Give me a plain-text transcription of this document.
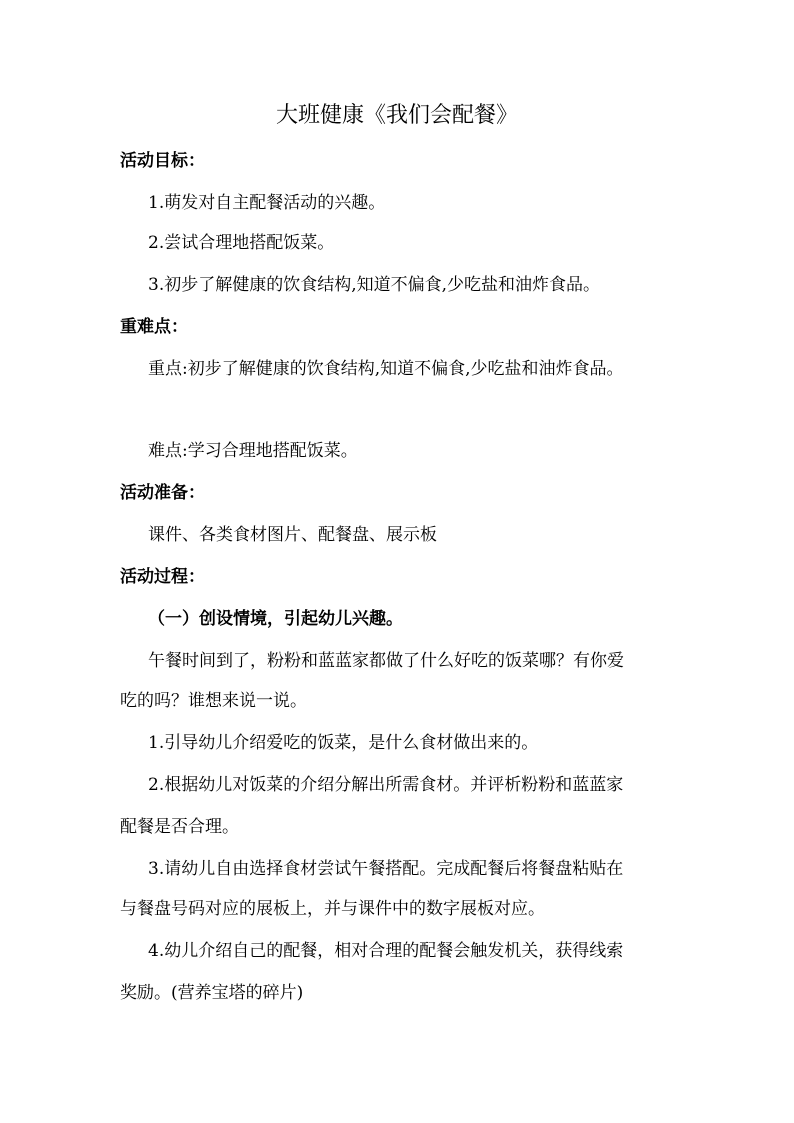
大班健康《我们会配餐》
活动目标：
1.萌发对自主配餐活动的兴趣。
2.尝试合理地搭配饭菜。
3.初步了解健康的饮食结构,知道不偏食,少吃盐和油炸食品。
重难点：
重点:初步了解健康的饮食结构,知道不偏食,少吃盐和油炸食品。
难点:学习合理地搭配饭菜。
活动准备：
课件、各类食材图片、配餐盘、展示板
活动过程：
（一）创设情境，引起幼儿兴趣。
午餐时间到了，粉粉和蓝蓝家都做了什么好吃的饭菜哪？有你爱
吃的吗？谁想来说一说。
1.引导幼儿介绍爱吃的饭菜，是什么食材做出来的。
2.根据幼儿对饭菜的介绍分解出所需食材。并评析粉粉和蓝蓝家
配餐是否合理。
3.请幼儿自由选择食材尝试午餐搭配。完成配餐后将餐盘粘贴在
与餐盘号码对应的展板上，并与课件中的数字展板对应。
4.幼儿介绍自己的配餐，相对合理的配餐会触发机关，获得线索
奖励。(营养宝塔的碎片)
